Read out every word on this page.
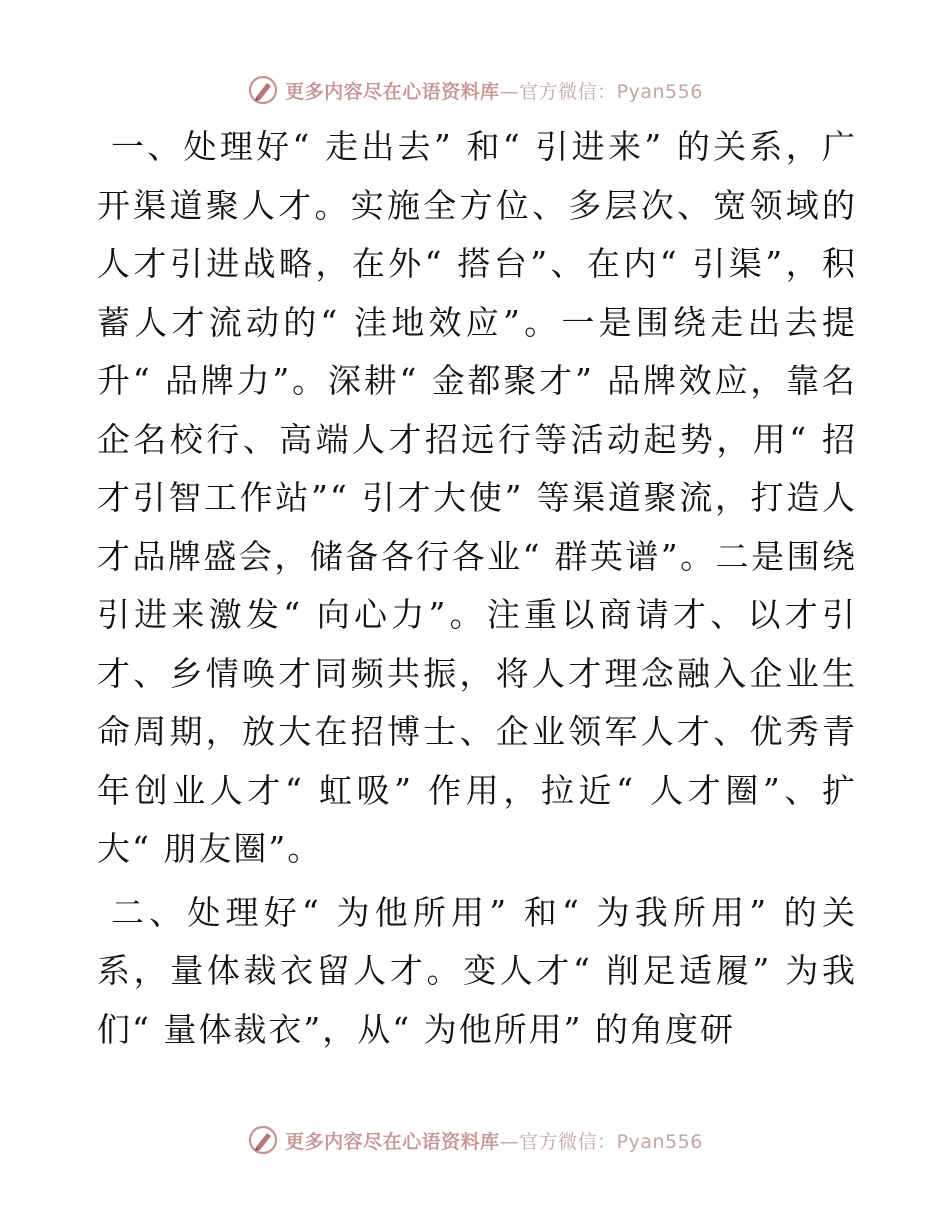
更多内容尽在心语资料库—官方微信：Pyan556

一、处理好“ 走出去” 和“ 引进来” 的关系，广开渠道聚人才。实施全方位、多层次、宽领域的人才引进战略，在外“ 搭台”、在内“ 引渠”，积蓄人才流动的“ 洼地效应”。一是围绕走出去提升“ 品牌力”。深耕“ 金都聚才” 品牌效应，靠名企名校行、高端人才招远行等活动起势，用“ 招才引智工作站”“ 引才大使” 等渠道聚流，打造人才品牌盛会，储备各行各业“ 群英谱”。二是围绕引进来激发“ 向心力”。注重以商请才、以才引才、乡情唤才同频共振，将人才理念融入企业生命周期，放大在招博士、企业领军人才、优秀青年创业人才“ 虹吸” 作用，拉近“ 人才圈”、扩大“ 朋友圈”。

二、处理好“ 为他所用” 和“ 为我所用” 的关系，量体裁衣留人才。变人才“ 削足适履” 为我们“ 量体裁衣”，从“ 为他所用” 的角度研

更多内容尽在心语资料库—官方微信：Pyan556
